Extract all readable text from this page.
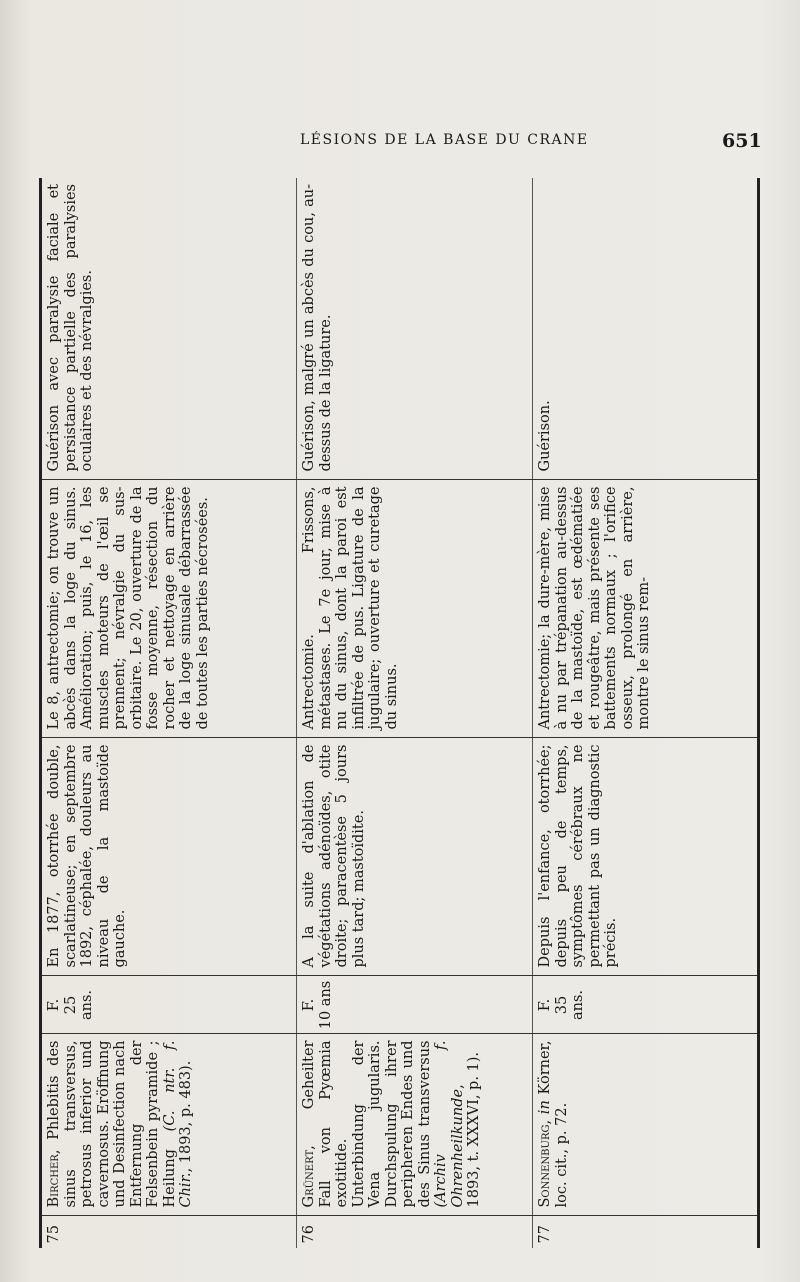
LÉSIONS DE LA BASE DU CRANE	651
75	Bircher, Phlebitis des sinus transversus, petrosus inferior und cavernosus. Eröffnung und Desinfection nach Entfernung der Felsenbein pyramide ; Heilung (C. ntr. f. Chir., 1893, p. 483).	F. 25 ans.	En 1877, otorrhée double, scarlatineuse; en septembre 1892, céphalée, douleurs au niveau de la mastoïde gauche.	Le 8, antrectomie; on trouve un abcès dans la loge du sinus. Amélioration; puis, le 16, les muscles moteurs de l'œil se prennent; névralgie du sus-orbitaire. Le 20, ouverture de la fosse moyenne, résection du rocher et nettoyage en arrière de la loge sinusale débarrassée de toutes les parties nécrosées.	Guérison avec paralysie faciale et persistance partielle des paralysies oculaires et des névralgies.
76	Grünert, Geheilter Fall von Pyœmia exotitide. Unterbindung der Vena jugularis. Durchspulung ihrer peripheren Endes und des Sinus transversus (Archiv f. Ohrenheilkunde, 1893, t. XXXVI, p. 1).	F. 10 ans	A la suite d'ablation de végétations adénoïdes, otite droite; paracentèse 5 jours plus tard; mastoïdite.	Antrectomie. Frissons, métastases. Le 7e jour, mise à nu du sinus, dont la paroi est infiltrée de pus. Ligature de la jugulaire; ouverture et curetage du sinus.	Guérison, malgré un abcès du cou, au-dessus de la ligature.
77	Sonnenburg, in Körner, loc. cit., p. 72.	F. 35 ans.	Depuis l'enfance, otorrhée; depuis peu de temps, symptômes cérébraux ne permettant pas un diagnostic précis.	Antrectomie; la dure-mère, mise à nu par trépanation au-dessus de la mastoïde, est œdématiée et rougeâtre, mais présente ses battements normaux ; l'orifice osseux, prolongé en arrière, montre le sinus rem-	Guérison.
